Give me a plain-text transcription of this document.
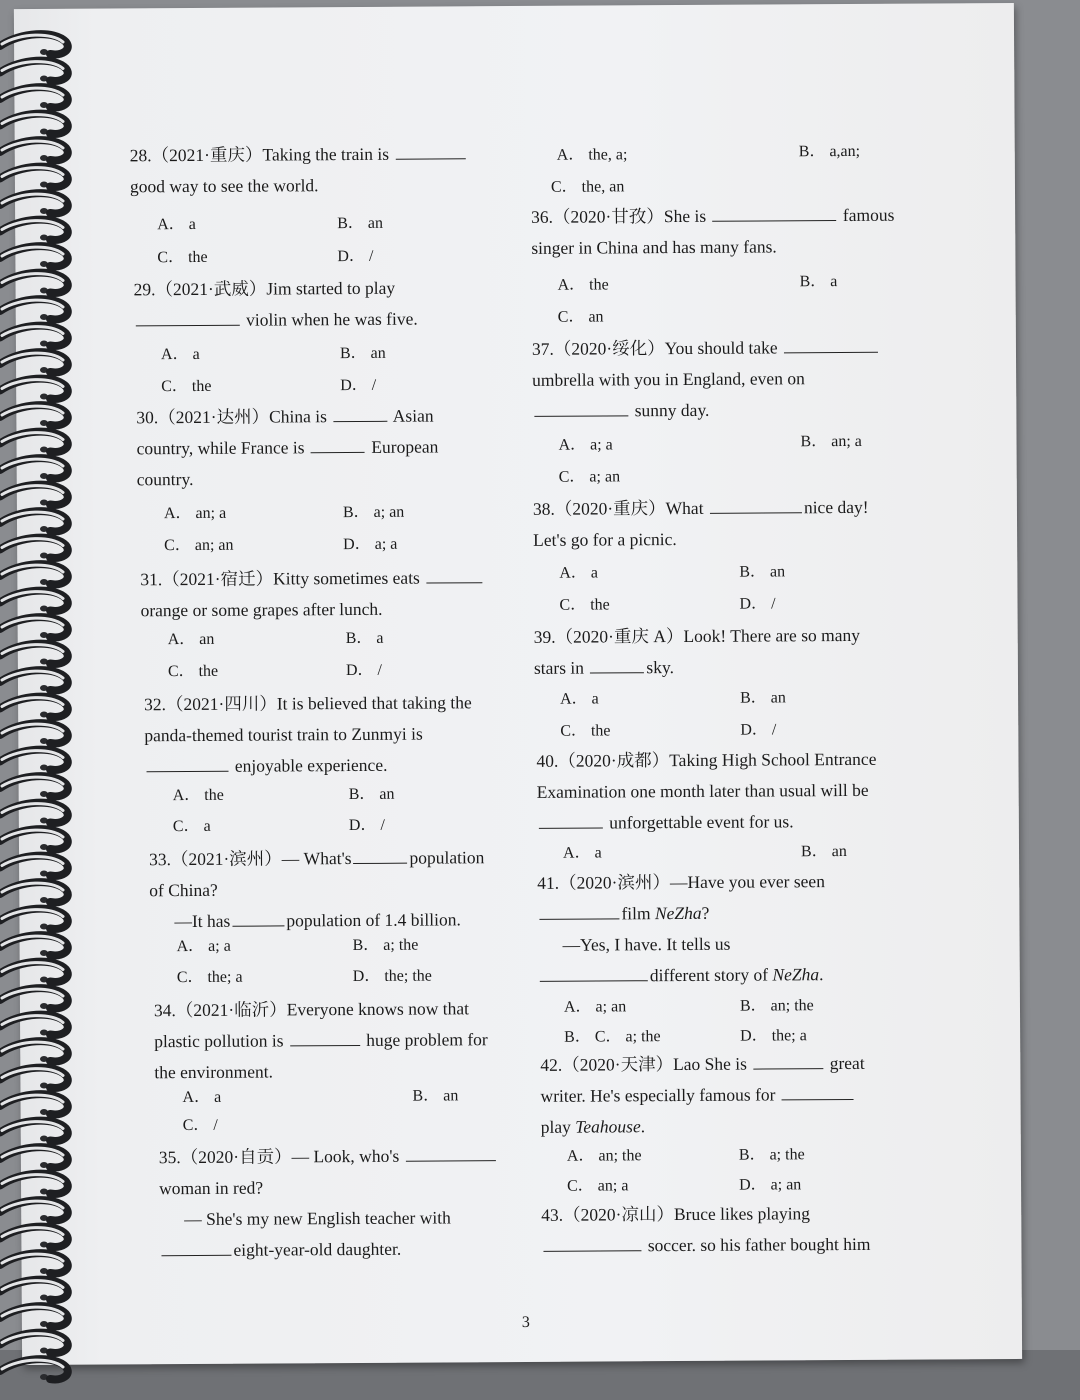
28.（2021·重庆）Taking the train is
good way to see the world.
A． a	B． an
C． the	D． /
29.（2021·武威）Jim started to play
violin when he was five.
A． a	B． an
C． the	D． /
30.（2021·达州）China is	Asian
country, while France is	European
country.
A． an; a	B． a; an
C． an; an	D． a; a
31.（2021·宿迁）Kitty sometimes eats
orange or some grapes after lunch.
A． an	B． a
C． the	D． /
32.（2021·四川）It is believed that taking the
panda-themed tourist train to Zunmyi is
enjoyable experience.
A． the	B． an
C． a	D． /
33.（2021·滨州）— What's	population
of China?
—It has	population of 1.4 billion.
A． a; a	B． a; the
C． the; a	D． the; the
34.（2021·临沂）Everyone knows now that
plastic pollution is	huge problem for
the environment.
A． a	B． an
C． /
35.（2020·自贡）— Look, who's
woman in red?
— She's my new English teacher with
eight-year-old daughter.
A． the, a;	B． a,an;
C． the, an
36.（2020·甘孜）She is	famous
singer in China and has many fans.
A． the	B． a
C． an
37.（2020·绥化）You should take
umbrella with you in England, even on
sunny day.
A． a; a	B． an; a
C． a; an
38.（2020·重庆）What	nice day!
Let's go for a picnic.
A． a	B． an
C． the	D． /
39.（2020·重庆 A）Look! There are so many
stars in	sky.
A． a	B． an
C． the	D． /
40.（2020·成都）Taking High School Entrance
Examination one month later than usual will be
unforgettable event for us.
A． a	B． an
41.（2020·滨州）—Have you ever seen
film NeZha?
—Yes, I have. It tells us
different story of NeZha.
A． a; an	B． an; the
B． C． a; the	D． the; a
42.（2020·天津）Lao She is	great
writer. He's especially famous for
play Teahouse.
A． an; the	B． a; the
C． an; a	D． a; an
43.（2020·凉山）Bruce likes playing
soccer. so his father bought him
3
